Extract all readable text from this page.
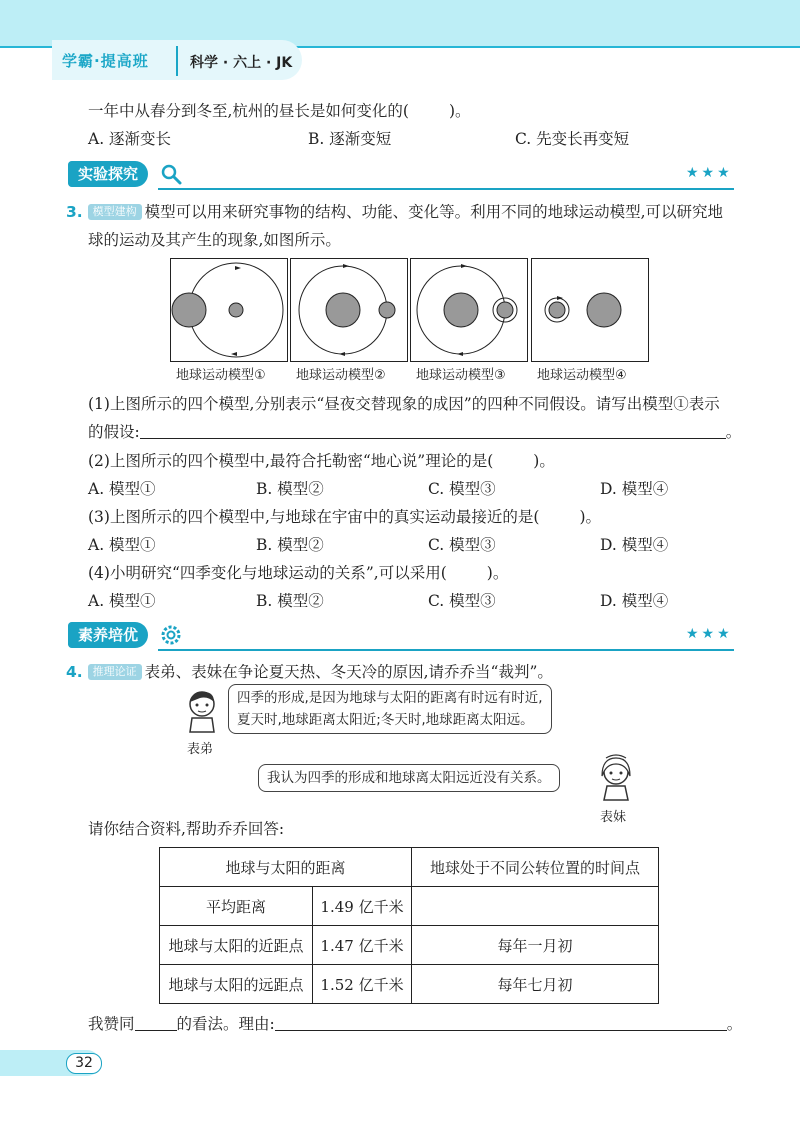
学霸·提高班	科学 · 六上 · JK
一年中从春分到冬至,杭州的昼长是如何变化的(	)。
A. 逐渐变长	B. 逐渐变短	C. 先变长再变短
实验探究	★★★
3. 模型建构 模型可以用来研究事物的结构、功能、变化等。利用不同的地球运动模型,可以研究地
球的运动及其产生的现象,如图所示。
地球运动模型① 地球运动模型② 地球运动模型③ 地球运动模型④
(1)上图所示的四个模型,分别表示“昼夜交替现象的成因”的四种不同假设。请写出模型①表示
的假设:	。
(2)上图所示的四个模型中,最符合托勒密“地心说”理论的是(	)。
A. 模型①	B. 模型②	C. 模型③	D. 模型④
(3)上图所示的四个模型中,与地球在宇宙中的真实运动最接近的是(	)。
A. 模型①	B. 模型②	C. 模型③	D. 模型④
(4)小明研究“四季变化与地球运动的关系”,可以采用(	)。
A. 模型①	B. 模型②	C. 模型③	D. 模型④
素养培优	★★★
4. 推理论证 表弟、表妹在争论夏天热、冬天冷的原因,请乔乔当“裁判”。
表弟
四季的形成,是因为地球与太阳的距离有时远有时近,
夏天时,地球距离太阳近;冬天时,地球距离太阳远。
我认为四季的形成和地球离太阳远近没有关系。
表妹
请你结合资料,帮助乔乔回答:
地球与太阳的距离		地球处于不同公转位置的时间点
平均距离	1.49 亿千米	
地球与太阳的近距点	1.47 亿千米	每年一月初
地球与太阳的远距点	1.52 亿千米	每年七月初
我赞同	的看法。理由:	。
32
